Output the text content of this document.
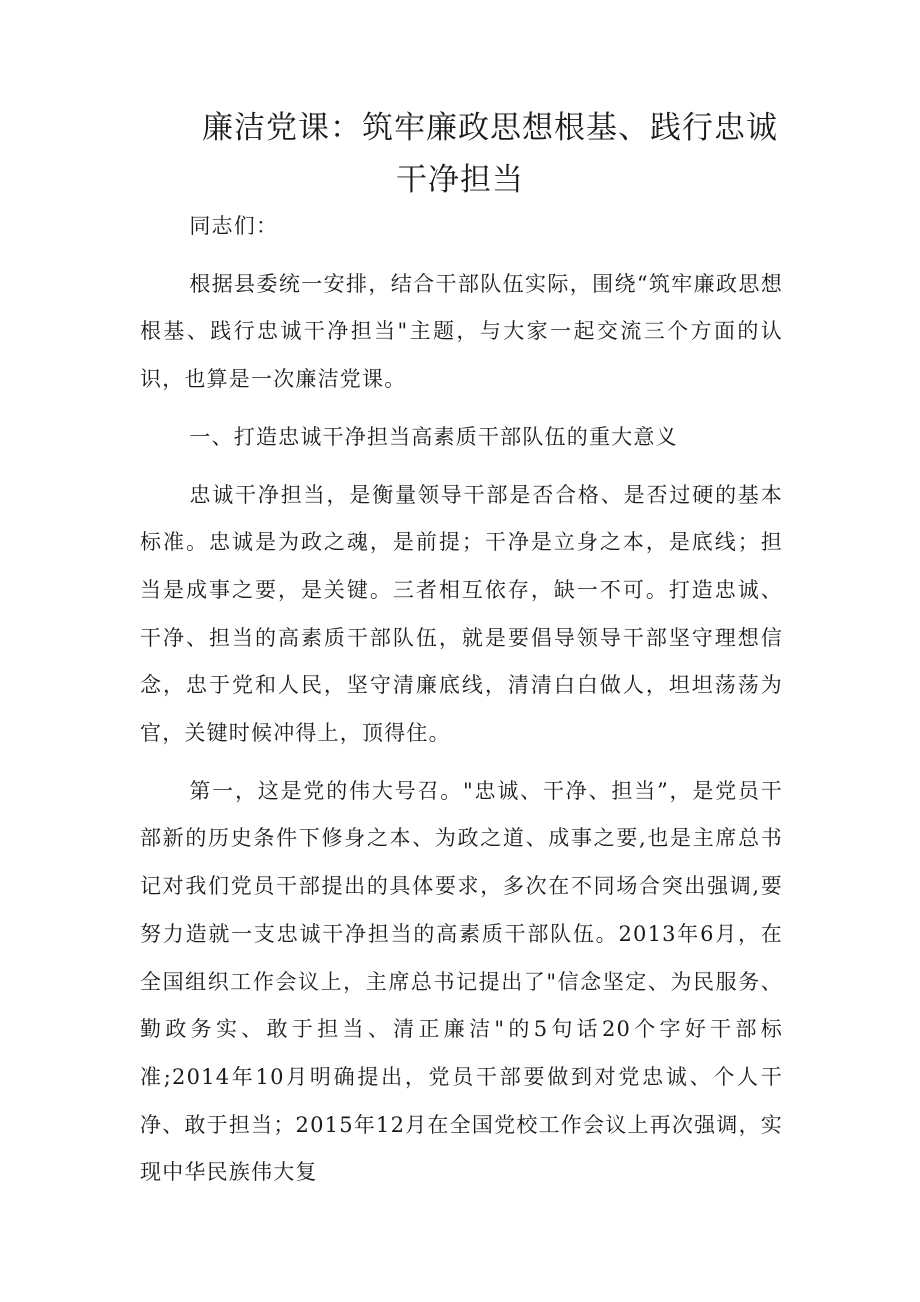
廉洁党课：筑牢廉政思想根基、践行忠诚
干净担当

同志们：

根据县委统一安排，结合干部队伍实际，围绕“筑牢廉政思想根基、践行忠诚干净担当"主题，与大家一起交流三个方面的认识，也算是一次廉洁党课。

一、打造忠诚干净担当高素质干部队伍的重大意义

忠诚干净担当，是衡量领导干部是否合格、是否过硬的基本标准。忠诚是为政之魂，是前提；干净是立身之本，是底线；担当是成事之要，是关键。三者相互依存，缺一不可。打造忠诚、干净、担当的高素质干部队伍，就是要倡导领导干部坚守理想信念，忠于党和人民，坚守清廉底线，清清白白做人，坦坦荡荡为官，关键时候冲得上，顶得住。

第一，这是党的伟大号召。"忠诚、干净、担当”，是党员干部新的历史条件下修身之本、为政之道、成事之要,也是主席总书记对我们党员干部提出的具体要求，多次在不同场合突出强调,要努力造就一支忠诚干净担当的高素质干部队伍。2013年6月，在全国组织工作会议上，主席总书记提出了"信念坚定、为民服务、勤政务实、敢于担当、清正廉洁"的5句话20个字好干部标准;2014年10月明确提出，党员干部要做到对党忠诚、个人干净、敢于担当；2015年12月在全国党校工作会议上再次强调，实现中华民族伟大复
